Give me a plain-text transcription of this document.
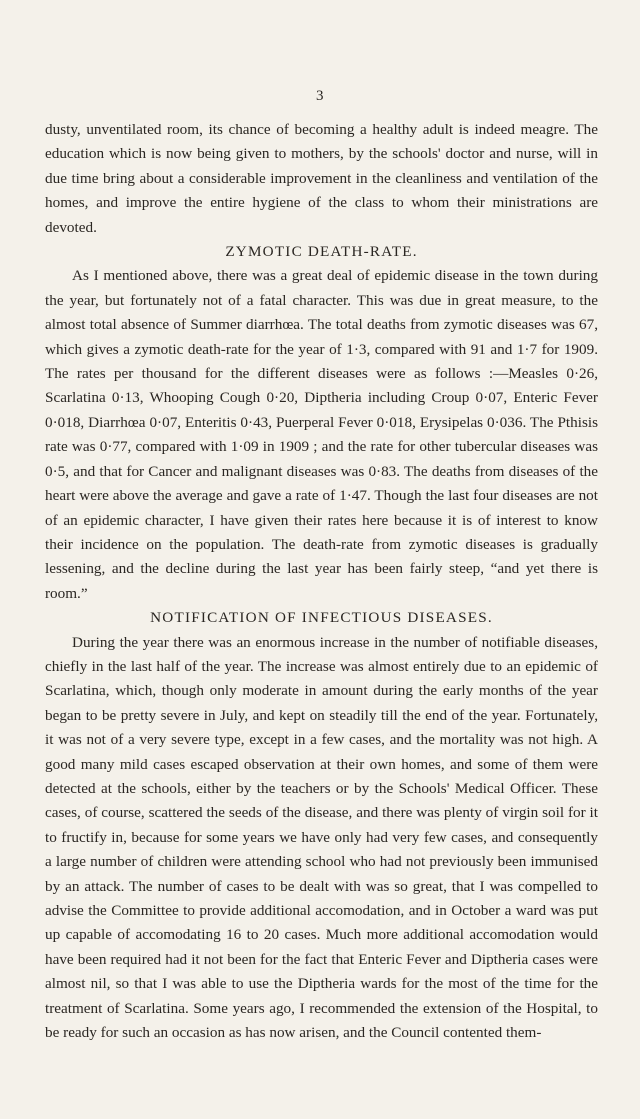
3

dusty, unventilated room, its chance of becoming a healthy adult is indeed meagre. The education which is now being given to mothers, by the schools' doctor and nurse, will in due time bring about a considerable improvement in the cleanliness and ventilation of the homes, and improve the entire hygiene of the class to whom their ministrations are devoted.

ZYMOTIC DEATH-RATE.

As I mentioned above, there was a great deal of epidemic disease in the town during the year, but fortunately not of a fatal character. This was due in great measure, to the almost total absence of Summer diarrhœa. The total deaths from zymotic diseases was 67, which gives a zymotic death-rate for the year of 1·3, compared with 91 and 1·7 for 1909. The rates per thousand for the different diseases were as follows :—Measles 0·26, Scarlatina 0·13, Whooping Cough 0·20, Diptheria including Croup 0·07, Enteric Fever 0·018, Diarrhœa 0·07, Enteritis 0·43, Puerperal Fever 0·018, Erysipelas 0·036. The Pthisis rate was 0·77, compared with 1·09 in 1909 ; and the rate for other tubercular diseases was 0·5, and that for Cancer and malignant diseases was 0·83. The deaths from diseases of the heart were above the average and gave a rate of 1·47. Though the last four diseases are not of an epidemic character, I have given their rates here because it is of interest to know their incidence on the population. The death-rate from zymotic diseases is gradually lessening, and the decline during the last year has been fairly steep, “and yet there is room.”

NOTIFICATION OF INFECTIOUS DISEASES.

During the year there was an enormous increase in the number of notifiable diseases, chiefly in the last half of the year. The increase was almost entirely due to an epidemic of Scarlatina, which, though only moderate in amount during the early months of the year began to be pretty severe in July, and kept on steadily till the end of the year. Fortunately, it was not of a very severe type, except in a few cases, and the mortality was not high. A good many mild cases escaped observation at their own homes, and some of them were detected at the schools, either by the teachers or by the Schools' Medical Officer. These cases, of course, scattered the seeds of the disease, and there was plenty of virgin soil for it to fructify in, because for some years we have only had very few cases, and consequently a large number of children were attending school who had not previously been immunised by an attack. The number of cases to be dealt with was so great, that I was compelled to advise the Committee to provide additional accomodation, and in October a ward was put up capable of accomodating 16 to 20 cases. Much more additional accomodation would have been required had it not been for the fact that Enteric Fever and Diptheria cases were almost nil, so that I was able to use the Diptheria wards for the most of the time for the treatment of Scarlatina. Some years ago, I recommended the extension of the Hospital, to be ready for such an occasion as has now arisen, and the Council contented them-
